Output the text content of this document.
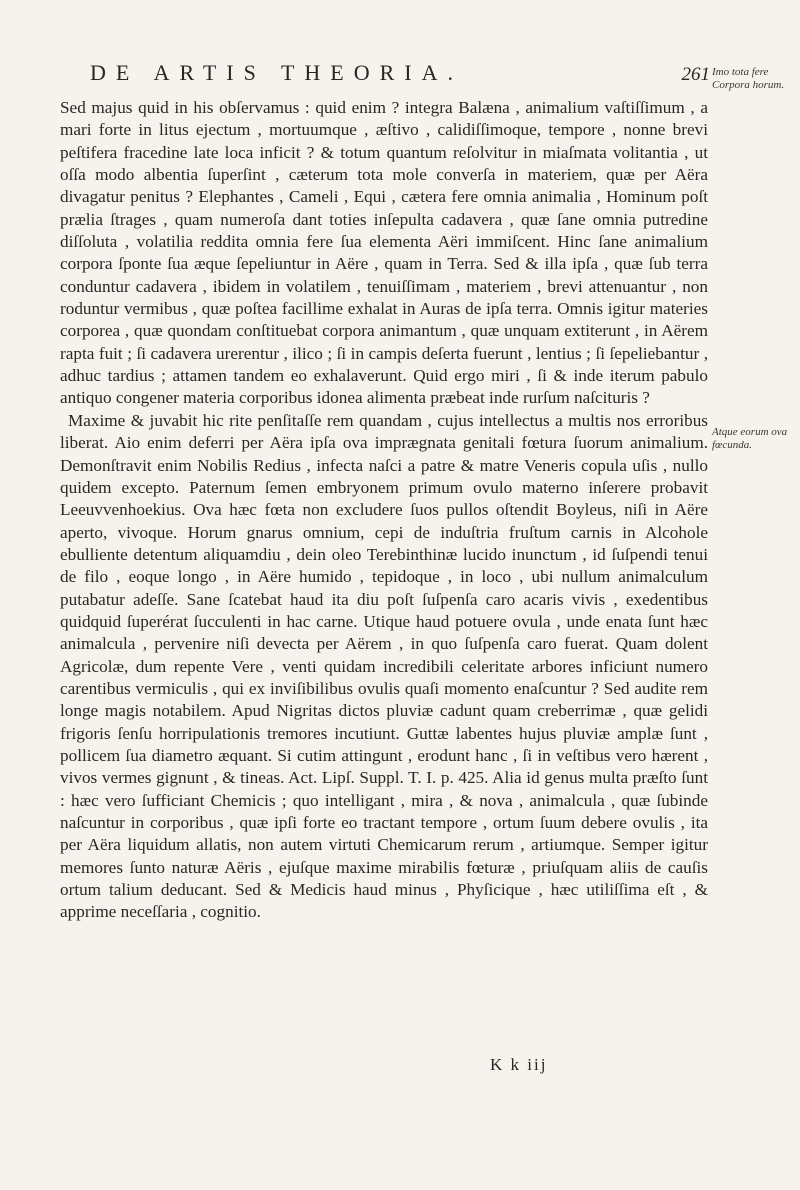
DE ARTIS THEORIA.	261 Imo tota fere Corpora horum.
Atque eorum ova fœcunda.

Sed majus quid in his obſervamus : quid enim ? integra Balæna , animalium vaſtiſſimum , a mari forte in litus ejectum , mortuumque , æſtivo , calidiſſimoque, tempore , nonne brevi peſtifera fracedine late loca inficit ? & totum quantum reſolvitur in miaſmata volitantia , ut oſſa modo albentia ſuperſint , cæterum tota mole converſa in materiem, quæ per Aëra divagatur penitus ? Elephantes , Cameli , Equi , cætera fere omnia animalia , Hominum poſt prælia ſtrages , quam numeroſa dant toties inſepulta cadavera , quæ ſane omnia putredine diſſoluta , volatilia reddita omnia fere ſua elementa Aëri immiſcent. Hinc ſane animalium corpora ſponte ſua æque ſepeliuntur in Aëre , quam in Terra. Sed & illa ipſa , quæ ſub terra conduntur cadavera , ibidem in volatilem , tenuiſſimam , materiem , brevi attenuantur , non roduntur vermibus , quæ poſtea facillime exhalat in Auras de ipſa terra. Omnis igitur materies corporea , quæ quondam conſtituebat corpora animantum , quæ unquam extiterunt , in Aërem rapta fuit ; ſi cadavera urerentur , ilico ; ſi in campis deſerta fuerunt , lentius ; ſi ſepeliebantur , adhuc tardius ; attamen tandem eo exhalaverunt. Quid ergo miri , ſi & inde iterum pabulo antiquo congener materia corporibus idonea alimenta præbeat inde rurſum naſcituris ?

Maxime & juvabit hic rite penſitaſſe rem quandam , cujus intellectus a multis nos erroribus liberat. Aio enim deferri per Aëra ipſa ova imprægnata genitali fœtura ſuorum animalium. Demonſtravit enim Nobilis Redius , infecta naſci a patre & matre Veneris copula uſis , nullo quidem excepto. Paternum ſemen embryonem primum ovulo materno inſerere probavit Leeuvvenhoekius. Ova hæc fœta non excludere ſuos pullos oſtendit Boyleus, niſi in Aëre aperto, vivoque. Horum gnarus omnium, cepi de induſtria fruſtum carnis in Alcohole ebulliente detentum aliquamdiu , dein oleo Terebinthinæ lucido inunctum , id ſuſpendi tenui de filo , eoque longo , in Aëre humido , tepidoque , in loco , ubi nullum animalculum putabatur adeſſe. Sane ſcatebat haud ita diu poſt ſuſpenſa caro acaris vivis , exedentibus quidquid ſuperérat ſucculenti in hac carne. Utique haud potuere ovula , unde enata ſunt hæc animalcula , pervenire niſi devecta per Aërem , in quo ſuſpenſa caro fuerat. Quam dolent Agricolæ, dum repente Vere , venti quidam incredibili celeritate arbores inficiunt numero carentibus vermiculis , qui ex inviſibilibus ovulis quaſi momento enaſcuntur ? Sed audite rem longe magis notabilem. Apud Nigritas dictos pluviæ cadunt quam creberrimæ , quæ gelidi frigoris ſenſu horripulationis tremores incutiunt. Guttæ labentes hujus pluviæ amplæ ſunt , pollicem ſua diametro æquant. Si cutim attingunt , erodunt hanc , ſi in veſtibus vero hærent , vivos vermes gignunt , & tineas. Act. Lipſ. Suppl. T. I. p. 425. Alia id genus multa præſto ſunt : hæc vero ſufficiant Chemicis ; quo intelligant , mira , & nova , animalcula , quæ ſubinde naſcuntur in corporibus , quæ ipſi forte eo tractant tempore , ortum ſuum debere ovulis , ita per Aëra liquidum allatis, non autem virtuti Chemicarum rerum , artiumque. Semper igitur memores ſunto naturæ Aëris , ejuſque maxime mirabilis fœturæ , priuſquam aliis de cauſis ortum talium deducant. Sed & Medicis haud minus , Phyſicique , hæc utiliſſima eſt , & apprime neceſſaria , cognitio.

K k iij
